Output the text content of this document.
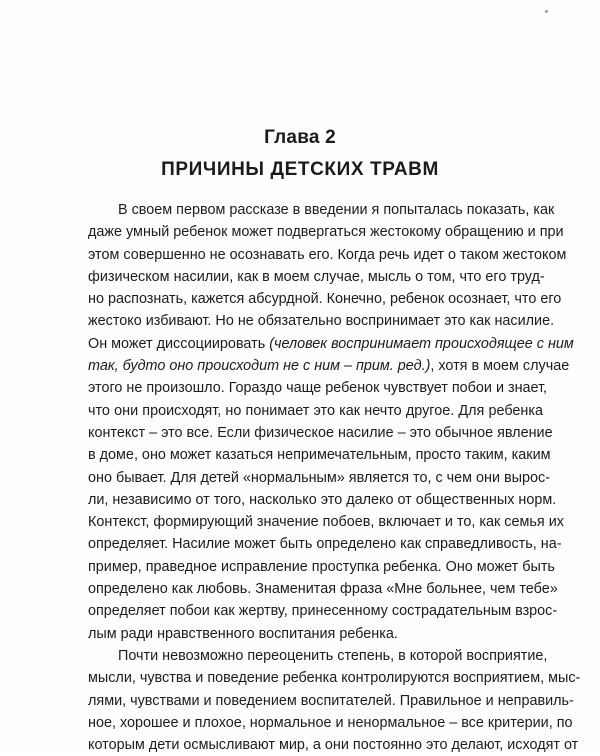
Глава 2

ПРИЧИНЫ ДЕТСКИХ ТРАВМ

В своем первом рассказе в введении я попыталась показать, как
даже умный ребенок может подвергаться жестокому обращению и при
этом совершенно не осознавать его. Когда речь идет о таком жестоком
физическом насилии, как в моем случае, мысль о том, что его труд-
но распознать, кажется абсурдной. Конечно, ребенок осознает, что его
жестоко избивают. Но не обязательно воспринимает это как насилие.
Он может диссоциировать (человек воспринимает происходящее с ним
так, будто оно происходит не с ним – прим. ред.), хотя в моем случае
этого не произошло. Гораздо чаще ребенок чувствует побои и знает,
что они происходят, но понимает это как нечто другое. Для ребенка
контекст – это все. Если физическое насилие – это обычное явление
в доме, оно может казаться непримечательным, просто таким, каким
оно бывает. Для детей «нормальным» является то, с чем они вырос-
ли, независимо от того, насколько это далеко от общественных норм.
Контекст, формирующий значение побоев, включает и то, как семья их
определяет. Насилие может быть определено как справедливость, на-
пример, праведное исправление проступка ребенка. Оно может быть
определено как любовь. Знаменитая фраза «Мне больнее, чем тебе»
определяет побои как жертву, принесенному сострадательным взрос-
лым ради нравственного воспитания ребенка.
Почти невозможно переоценить степень, в которой восприятие,
мысли, чувства и поведение ребенка контролируются восприятием, мыс-
лями, чувствами и поведением воспитателей. Правильное и неправиль-
ное, хорошее и плохое, нормальное и ненормальное – все критерии, по
которым дети осмысливают мир, а они постоянно это делают, исходят от
